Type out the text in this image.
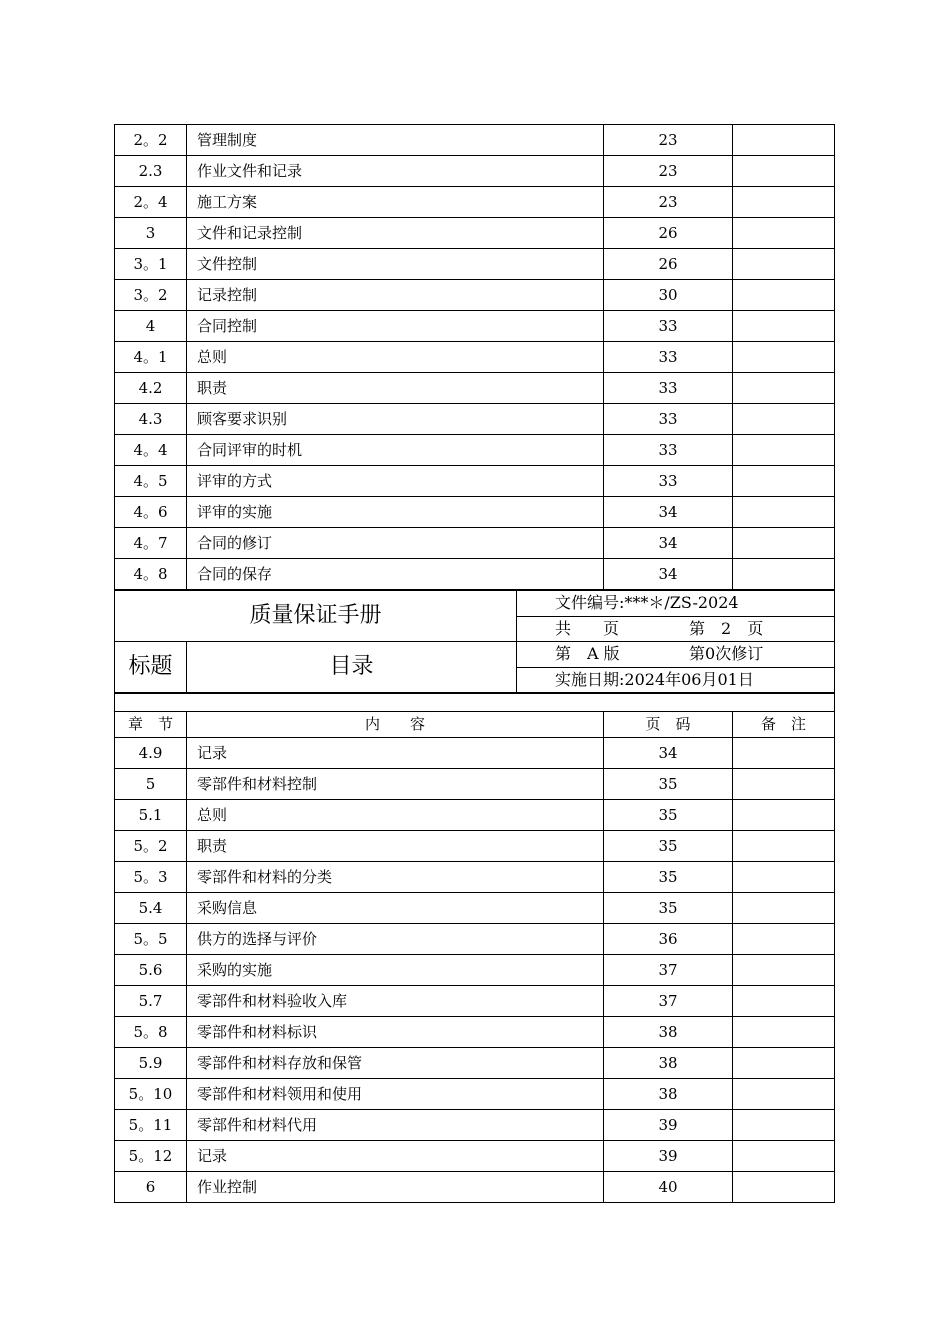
2。2	管理制度	23	
2.3	作业文件和记录	23	
2。4	施工方案	23	
3	文件和记录控制	26	
3。1	文件控制	26	
3。2	记录控制	30	
4	合同控制	33	
4。1	总则	33	
4.2	职责	33	
4.3	顾客要求识别	33	
4。4	合同评审的时机	33	
4。5	评审的方式	33	
4。6	评审的实施	34	
4。7	合同的修订	34	
4。8	合同的保存	34	
质量保证手册		文件编号:***＊/ZS-2024
		共　　页 第　2　页
标题	目录	第　A 版 第0次修订
		实施日期:2024年06月01日

章　节	内　　容	页　码	备　注
4.9	记录	34	
5	零部件和材料控制	35	
5.1	总则	35	
5。2	职责	35	
5。3	零部件和材料的分类	35	
5.4	采购信息	35	
5。5	供方的选择与评价	36	
5.6	采购的实施	37	
5.7	零部件和材料验收入库	37	
5。8	零部件和材料标识	38	
5.9	零部件和材料存放和保管	38	
5。10	零部件和材料领用和使用	38	
5。11	零部件和材料代用	39	
5。12	记录	39	
6	作业控制	40	
